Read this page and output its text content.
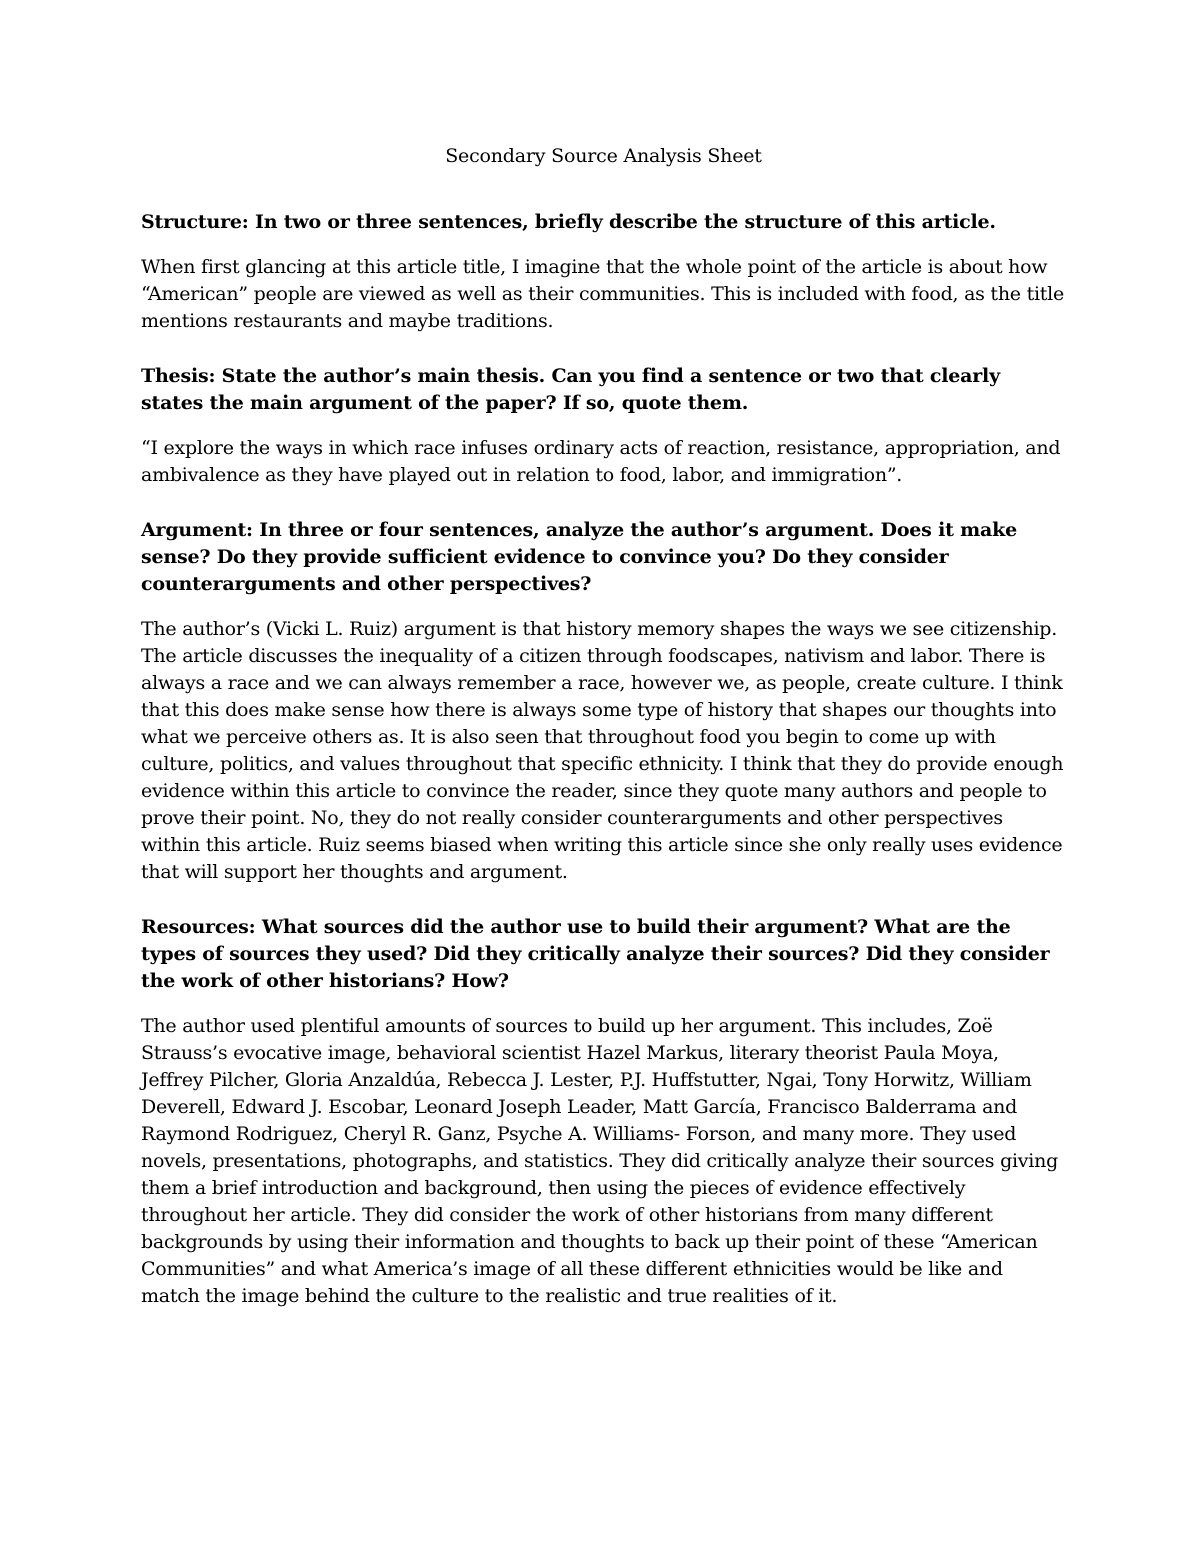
Secondary Source Analysis Sheet

Structure: In two or three sentences, briefly describe the structure of this article.

When first glancing at this article title, I imagine that the whole point of the article is about how “American” people are viewed as well as their communities. This is included with food, as the title mentions restaurants and maybe traditions.

Thesis: State the author’s main thesis. Can you find a sentence or two that clearly states the main argument of the paper? If so, quote them.

“I explore the ways in which race infuses ordinary acts of reaction, resistance, appropriation, and ambivalence as they have played out in relation to food, labor, and immigration”.

Argument: In three or four sentences, analyze the author’s argument. Does it make sense? Do they provide sufficient evidence to convince you? Do they consider counterarguments and other perspectives?

The author’s (Vicki L. Ruiz) argument is that history memory shapes the ways we see citizenship. The article discusses the inequality of a citizen through foodscapes, nativism and labor. There is always a race and we can always remember a race, however we, as people, create culture. I think that this does make sense how there is always some type of history that shapes our thoughts into what we perceive others as. It is also seen that throughout food you begin to come up with culture, politics, and values throughout that specific ethnicity. I think that they do provide enough evidence within this article to convince the reader, since they quote many authors and people to prove their point. No, they do not really consider counterarguments and other perspectives within this article. Ruiz seems biased when writing this article since she only really uses evidence that will support her thoughts and argument.

Resources: What sources did the author use to build their argument? What are the types of sources they used? Did they critically analyze their sources? Did they consider the work of other historians? How?

The author used plentiful amounts of sources to build up her argument. This includes, Zoë Strauss’s evocative image, behavioral scientist Hazel Markus, literary theorist Paula Moya, Jeffrey Pilcher, Gloria Anzaldúa, Rebecca J. Lester, P.J. Huffstutter, Ngai, Tony Horwitz, William Deverell, Edward J. Escobar, Leonard Joseph Leader, Matt García, Francisco Balderrama and Raymond Rodriguez, Cheryl R. Ganz, Psyche A. Williams- Forson, and many more. They used novels, presentations, photographs, and statistics. They did critically analyze their sources giving them a brief introduction and background, then using the pieces of evidence effectively throughout her article. They did consider the work of other historians from many different backgrounds by using their information and thoughts to back up their point of these “American Communities” and what America’s image of all these different ethnicities would be like and match the image behind the culture to the realistic and true realities of it.
